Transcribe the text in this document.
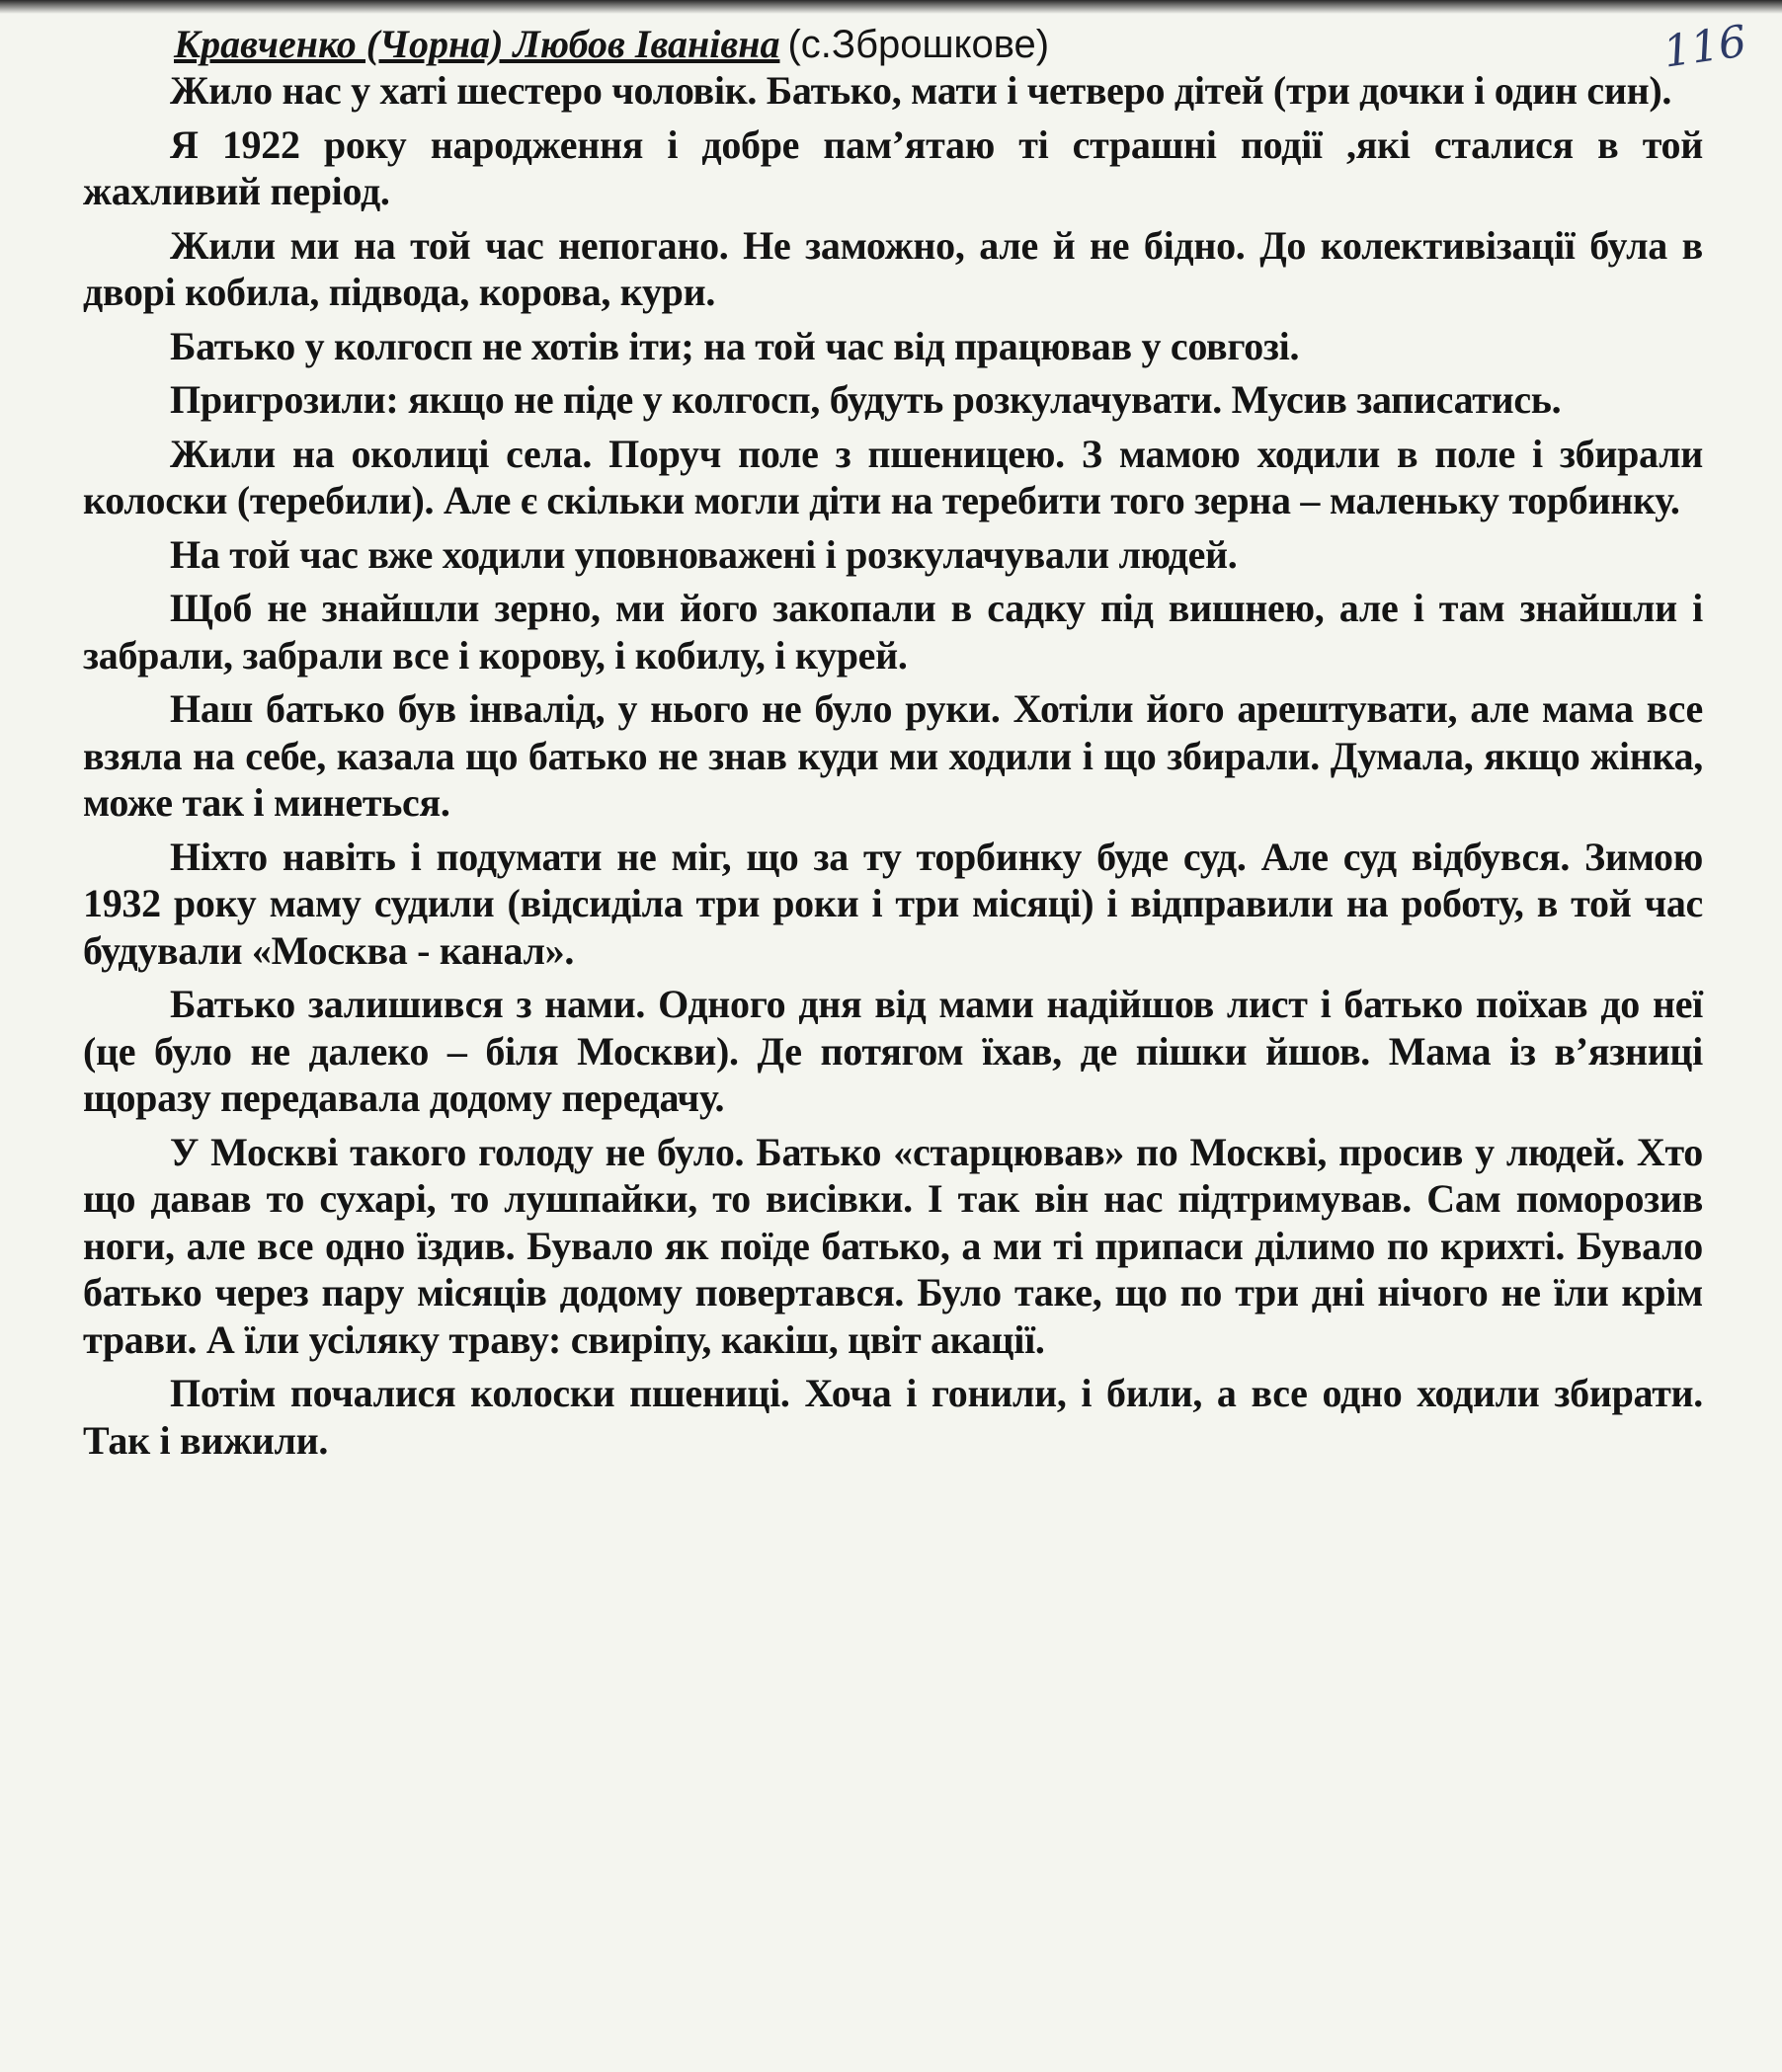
116
Кравченко (Чорна) Любов Іванівна (с.Зброшкове)

Жило нас у хаті шестеро чоловік. Батько, мати і четверо дітей (три дочки і один син).

Я 1922 року народження і добре пам’ятаю ті страшні події ,які сталися в той жахливий період.

Жили ми на той час непогано. Не заможно, але й не бідно. До колективізації була в дворі кобила, підвода, корова, кури.

Батько у колгосп не хотів іти; на той час від працював у совгозі.

Пригрозили: якщо не піде у колгосп, будуть розкулачувати. Мусив записатись.

Жили на околиці села. Поруч поле з пшеницею. З мамою ходили в поле і збирали колоски (теребили). Але є скільки могли діти на теребити того зерна – маленьку торбинку.

На той час вже ходили уповноважені і розкулачували людей.

Щоб не знайшли зерно, ми його закопали в садку під вишнею, але і там знайшли і забрали, забрали все і корову, і кобилу, і курей.

Наш батько був інвалід, у нього не було руки. Хотіли його арештувати, але мама все взяла на себе, казала що батько не знав куди ми ходили і що збирали. Думала, якщо жінка, може так і минеться.

Ніхто навіть і подумати не міг, що за ту торбинку буде суд. Але суд відбувся. Зимою 1932 року маму судили (відсиділа три роки і три місяці) і відправили на роботу, в той час будували «Москва - канал».

Батько залишився з нами. Одного дня від мами надійшов лист і батько поїхав до неї (це було не далеко – біля Москви). Де потягом їхав, де пішки йшов. Мама із в’язниці щоразу передавала додому передачу.

У Москві такого голоду не було. Батько «старцював» по Москві, просив у людей. Хто що давав то сухарі, то лушпайки, то висівки. І так він нас підтримував. Сам поморозив ноги, але все одно їздив. Бувало як поїде батько, а ми ті припаси ділимо по крихті. Бувало батько через пару місяців додому повертався. Було таке, що по три дні нічого не їли крім трави. А їли усіляку траву: свиріпу, какіш, цвіт акації.

Потім почалися колоски пшениці. Хоча і гонили, і били, а все одно ходили збирати. Так і вижили.
